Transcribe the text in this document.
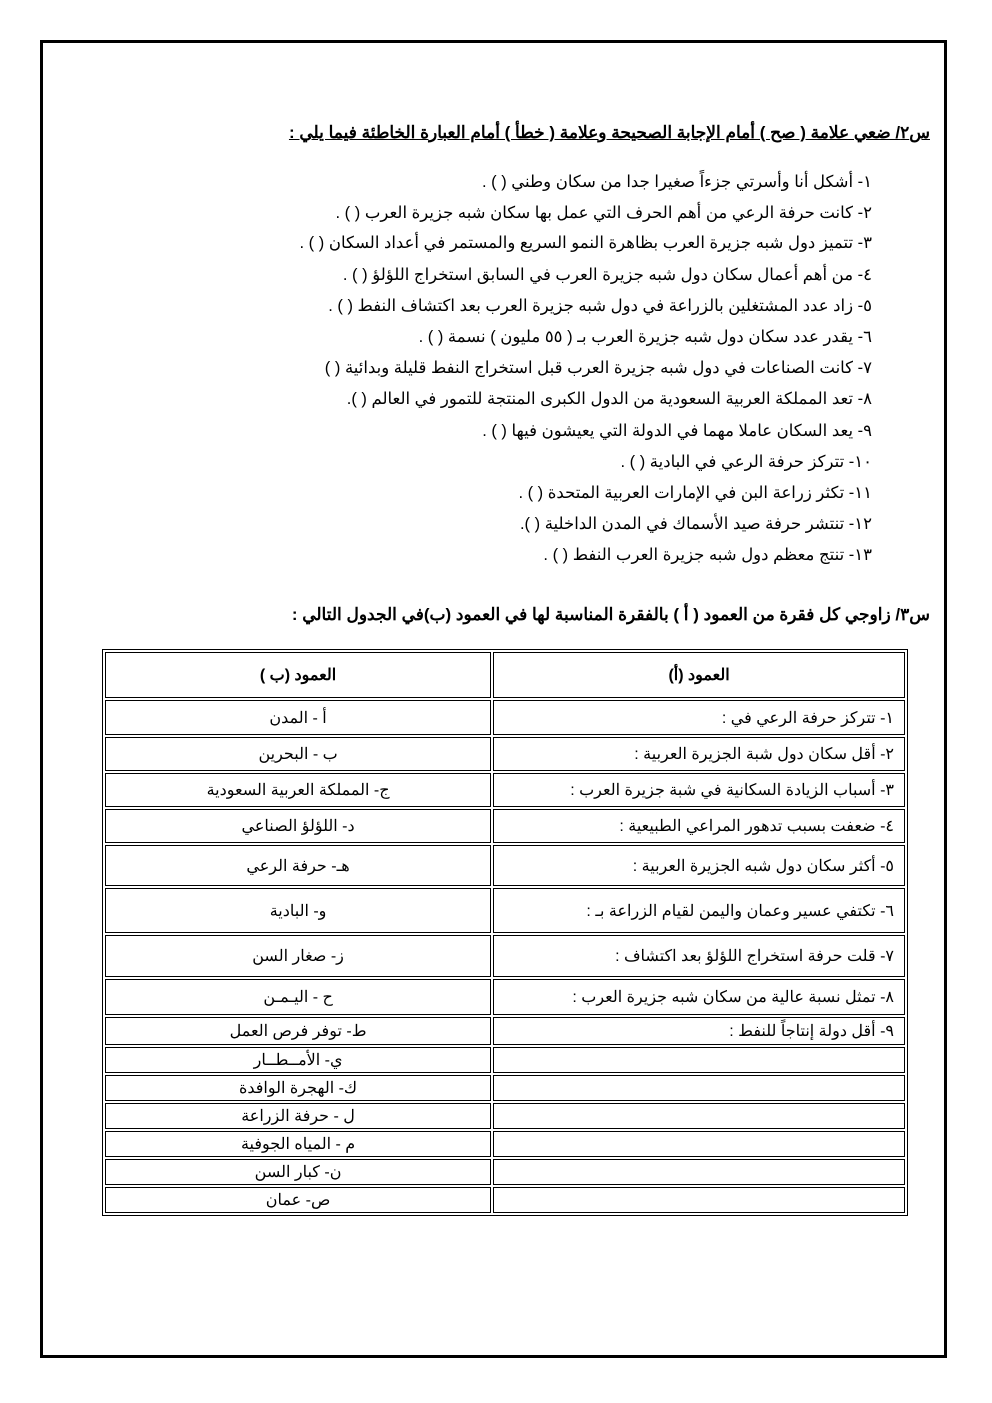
س٢/ ضعي علامة ( صح ) أمام الإجابة الصحيحة وعلامة ( خطأ ) أمام العبارة الخاطئة فيما يلي :
١- أشكل أنا وأسرتي جزءاً صغيرا جدا من سكان وطني ( ) .
٢- كانت حرفة الرعي من أهم الحرف التي عمل بها سكان شبه جزيرة العرب ( ) .
٣- تتميز دول شبه جزيرة العرب بظاهرة النمو السريع والمستمر في أعداد السكان ( ) .
٤- من أهم أعمال سكان دول شبه جزيرة العرب في السابق استخراج اللؤلؤ ( ) .
٥- زاد عدد المشتغلين بالزراعة في دول شبه جزيرة العرب بعد اكتشاف النفط ( ) .
٦- يقدر عدد سكان دول شبه جزيرة العرب بـ ( ٥٥ مليون ) نسمة ( ) .
٧- كانت الصناعات في دول شبه جزيرة العرب قبل استخراج النفط قليلة وبدائية ( )
٨- تعد المملكة العربية السعودية من الدول الكبرى المنتجة للتمور في العالم ( ).
٩- يعد السكان عاملا مهما في الدولة التي يعيشون فيها ( ) .
١٠- تتركز حرفة الرعي في البادية ( ) .
١١- تكثر زراعة البن في الإمارات العربية المتحدة ( ) .
١٢- تنتشر حرفة صيد الأسماك في المدن الداخلية ( ).
١٣- تنتج معظم دول شبه جزيرة العرب النفط ( ) .
س٣/ زاوجي كل فقرة من العمود ( أ ) بالفقرة المناسبة لها في العمود (ب)في الجدول التالي :
العمود (أ)	العمود (ب )
١- تتركز حرفة الرعي في :	أ - المدن
٢- أقل سكان دول شبة الجزيرة العربية :	ب - البحرين
٣- أسباب الزيادة السكانية في شبة جزيرة العرب :	ج- المملكة العربية السعودية
٤- ضعفت بسبب تدهور المراعي الطبيعية :	د- اللؤلؤ الصناعي
٥- أكثر سكان دول شبه الجزيرة العربية :	هـ- حرفة الرعي
٦- تكتفي عسير وعمان واليمن لقيام الزراعة بـ :	و- البادية
٧- قلت حرفة استخراج اللؤلؤ بعد اكتشاف :	ز- صغار السن
٨- تمثل نسبة عالية من سكان شبه جزيرة العرب :	ح - اليـمـن
٩- أقل دولة إنتاجاً للنفط :	ط- توفر فرص العمل
	ي- الأمــطــار
	ك- الهجرة الوافدة
	ل - حرفة الزراعة
	م - المياه الجوفية
	ن- كبار السن
	ص- عمان
